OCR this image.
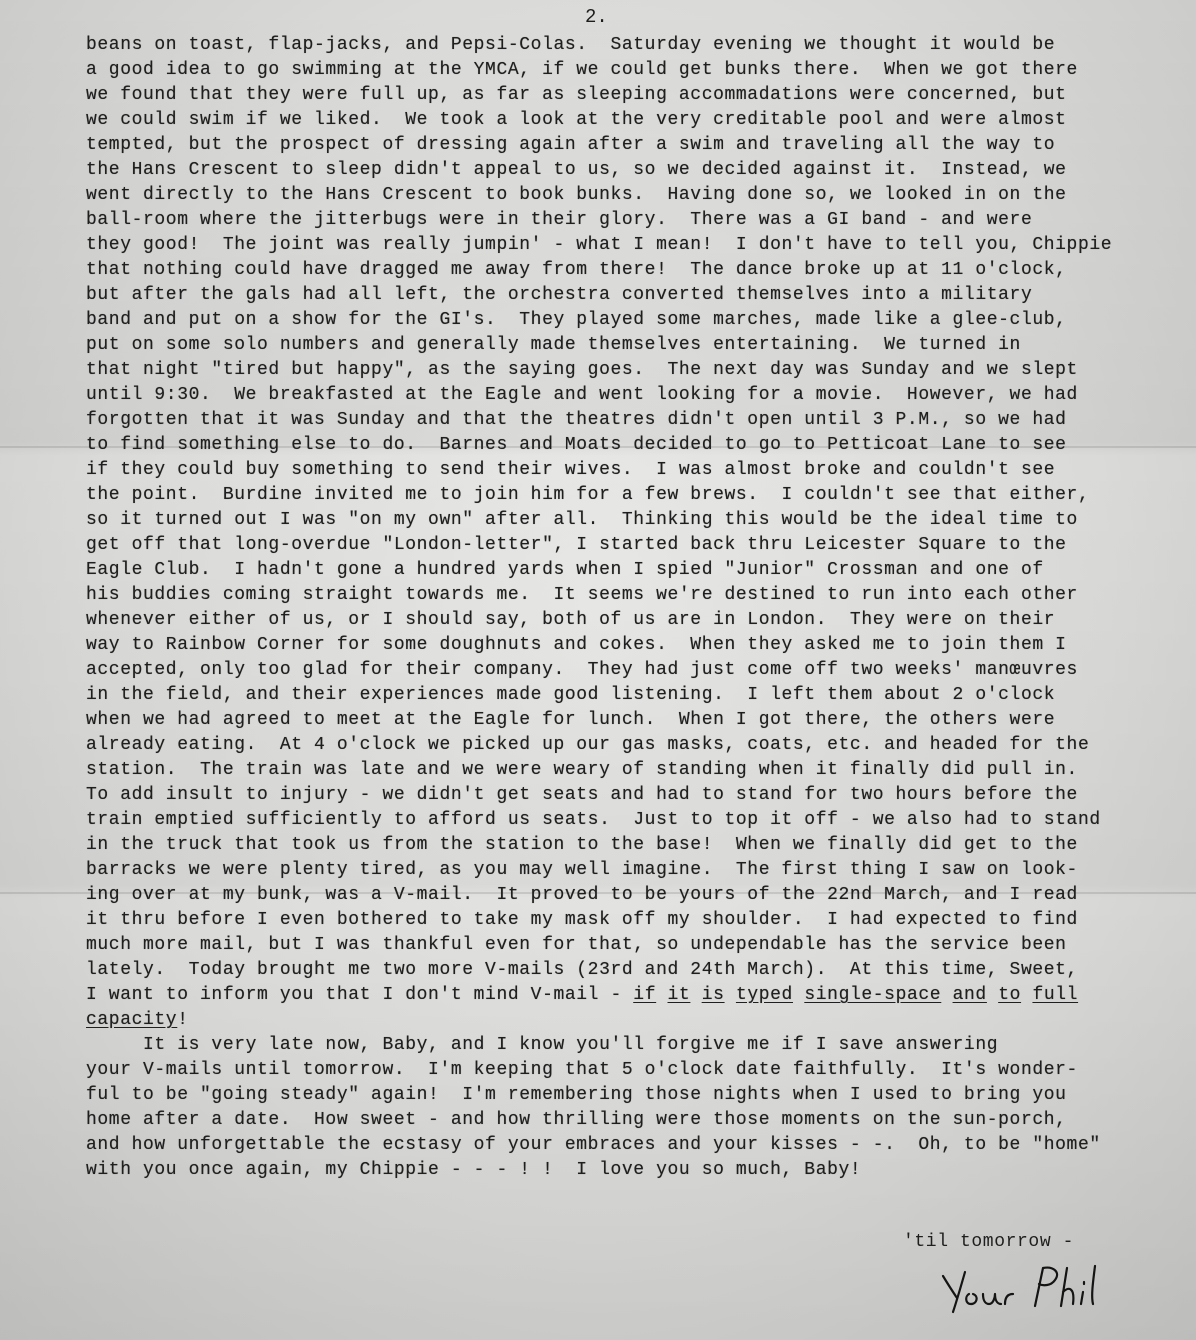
2.

beans on toast, flap-jacks, and Pepsi-Colas.  Saturday evening we thought it would be
a good idea to go swimming at the YMCA, if we could get bunks there.  When we got there
we found that they were full up, as far as sleeping accommadations were concerned, but
we could swim if we liked.  We took a look at the very creditable pool and were almost
tempted, but the prospect of dressing again after a swim and traveling all the way to
the Hans Crescent to sleep didn't appeal to us, so we decided against it.  Instead, we
went directly to the Hans Crescent to book bunks.  Having done so, we looked in on the
ball-room where the jitterbugs were in their glory.  There was a GI band - and were
they good!  The joint was really jumpin' - what I mean!  I don't have to tell you, Chippie
that nothing could have dragged me away from there!  The dance broke up at 11 o'clock,
but after the gals had all left, the orchestra converted themselves into a military
band and put on a show for the GI's.  They played some marches, made like a glee-club,
put on some solo numbers and generally made themselves entertaining.  We turned in
that night "tired but happy", as the saying goes.  The next day was Sunday and we slept
until 9:30.  We breakfasted at the Eagle and went looking for a movie.  However, we had
forgotten that it was Sunday and that the theatres didn't open until 3 P.M., so we had
to find something else to do.  Barnes and Moats decided to go to Petticoat Lane to see
if they could buy something to send their wives.  I was almost broke and couldn't see
the point.  Burdine invited me to join him for a few brews.  I couldn't see that either,
so it turned out I was "on my own" after all.  Thinking this would be the ideal time to
get off that long-overdue "London-letter", I started back thru Leicester Square to the
Eagle Club.  I hadn't gone a hundred yards when I spied "Junior" Crossman and one of
his buddies coming straight towards me.  It seems we're destined to run into each other
whenever either of us, or I should say, both of us are in London.  They were on their
way to Rainbow Corner for some doughnuts and cokes.  When they asked me to join them I
accepted, only too glad for their company.  They had just come off two weeks' manœuvres
in the field, and their experiences made good listening.  I left them about 2 o'clock
when we had agreed to meet at the Eagle for lunch.  When I got there, the others were
already eating.  At 4 o'clock we picked up our gas masks, coats, etc. and headed for the
station.  The train was late and we were weary of standing when it finally did pull in.
To add insult to injury - we didn't get seats and had to stand for two hours before the
train emptied sufficiently to afford us seats.  Just to top it off - we also had to stand
in the truck that took us from the station to the base!  When we finally did get to the
barracks we were plenty tired, as you may well imagine.  The first thing I saw on look-
ing over at my bunk, was a V-mail.  It proved to be yours of the 22nd March, and I read
it thru before I even bothered to take my mask off my shoulder.  I had expected to find
much more mail, but I was thankful even for that, so undependable has the service been
lately.  Today brought me two more V-mails (23rd and 24th March).  At this time, Sweet,
I want to inform you that I don't mind V-mail - if it is typed single-space and to full
capacity!
It is very late now, Baby, and I know you'll forgive me if I save answering
your V-mails until tomorrow.  I'm keeping that 5 o'clock date faithfully.  It's wonder-
ful to be "going steady" again!  I'm remembering those nights when I used to bring you
home after a date.  How sweet - and how thrilling were those moments on the sun-porch,
and how unforgettable the ecstasy of your embraces and your kisses - -.  Oh, to be "home"
with you once again, my Chippie - - - ! !  I love you so much, Baby!

'til tomorrow -
